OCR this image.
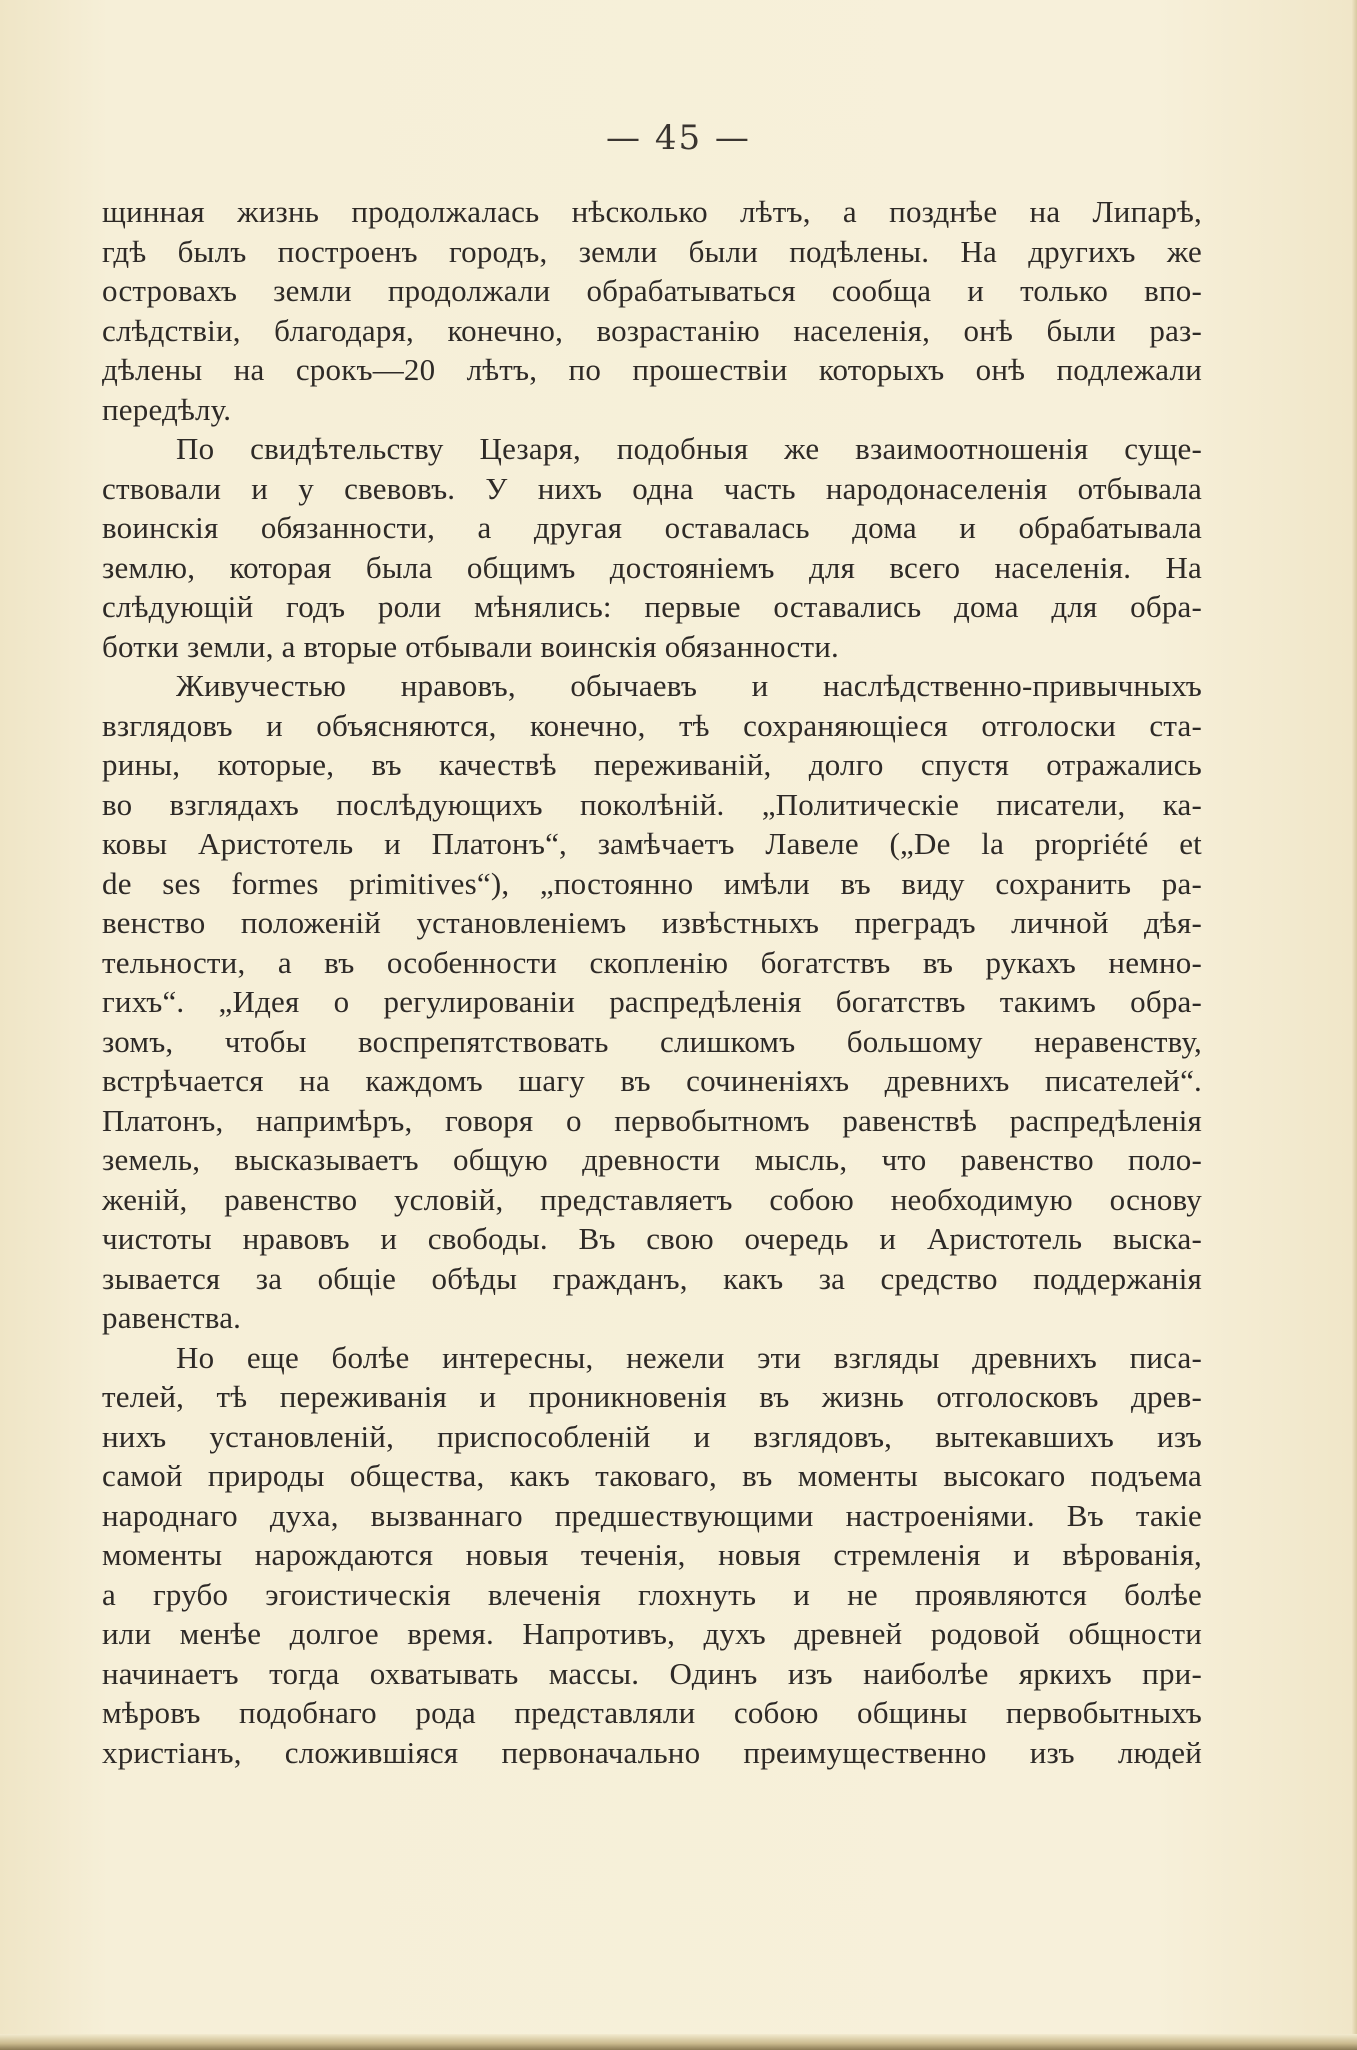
— 45 —
щинная жизнь продолжалась нѣсколько лѣтъ, а позднѣе на Липарѣ,
гдѣ былъ построенъ городъ, земли были подѣлены. На другихъ же
островахъ земли продолжали обрабатываться сообща и только впо-
слѣдствіи, благодаря, конечно, возрастанію населенія, онѣ были раз-
дѣлены на срокъ—20 лѣтъ, по прошествіи которыхъ онѣ подлежали
передѣлу.
По свидѣтельству Цезаря, подобныя же взаимоотношенія суще-
ствовали и у свевовъ. У нихъ одна часть народонаселенія отбывала
воинскія обязанности, а другая оставалась дома и обрабатывала
землю, которая была общимъ достояніемъ для всего населенія. На
слѣдующій годъ роли мѣнялись: первые оставались дома для обра-
ботки земли, а вторые отбывали воинскія обязанности.
Живучестью нравовъ, обычаевъ и наслѣдственно-привычныхъ
взглядовъ и объясняются, конечно, тѣ сохраняющіеся отголоски ста-
рины, которые, въ качествѣ переживаній, долго спустя отражались
во взглядахъ послѣдующихъ поколѣній. „Политическіе писатели, ка-
ковы Аристотель и Платонъ“, замѣчаетъ Лавеле („De la propriété et
de ses formes primitives“), „постоянно имѣли въ виду сохранить ра-
венство положеній установленіемъ извѣстныхъ преградъ личной дѣя-
тельности, а въ особенности скопленію богатствъ въ рукахъ немно-
гихъ“. „Идея о регулированіи распредѣленія богатствъ такимъ обра-
зомъ, чтобы воспрепятствовать слишкомъ большому неравенству,
встрѣчается на каждомъ шагу въ сочиненіяхъ древнихъ писателей“.
Платонъ, напримѣръ, говоря о первобытномъ равенствѣ распредѣленія
земель, высказываетъ общую древности мысль, что равенство поло-
женій, равенство условій, представляетъ собою необходимую основу
чистоты нравовъ и свободы. Въ свою очередь и Аристотель выска-
зывается за общіе обѣды гражданъ, какъ за средство поддержанія
равенства.
Но еще болѣе интересны, нежели эти взгляды древнихъ писа-
телей, тѣ переживанія и проникновенія въ жизнь отголосковъ древ-
нихъ установленій, приспособленій и взглядовъ, вытекавшихъ изъ
самой природы общества, какъ таковаго, въ моменты высокаго подъема
народнаго духа, вызваннаго предшествующими настроеніями. Въ такіе
моменты нарождаются новыя теченія, новыя стремленія и вѣрованія,
а грубо эгоистическія влеченія глохнуть и не проявляются болѣе
или менѣе долгое время. Напротивъ, духъ древней родовой общности
начинаетъ тогда охватывать массы. Одинъ изъ наиболѣе яркихъ при-
мѣровъ подобнаго рода представляли собою общины первобытныхъ
христіанъ, сложившіяся первоначально преимущественно изъ людей
